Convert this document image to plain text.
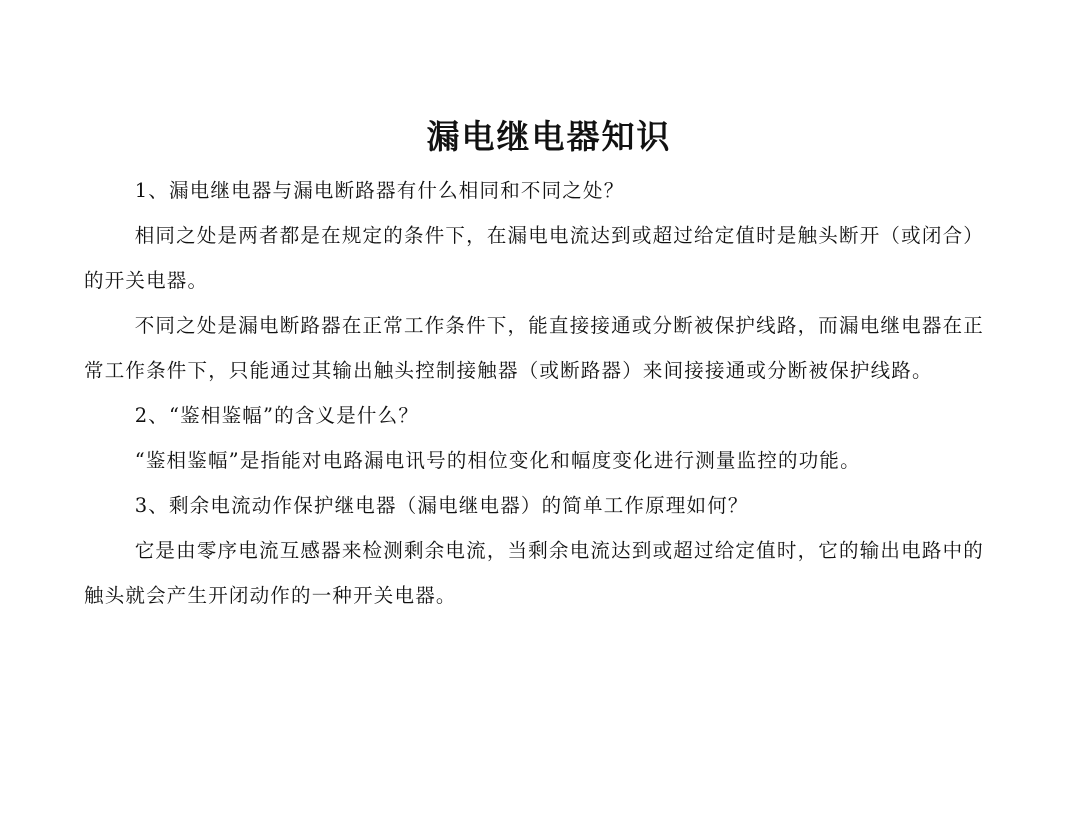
漏电继电器知识

1、漏电继电器与漏电断路器有什么相同和不同之处？

相同之处是两者都是在规定的条件下，在漏电电流达到或超过给定值时是触头断开（或闭合）的开关电器。

不同之处是漏电断路器在正常工作条件下，能直接接通或分断被保护线路，而漏电继电器在正常工作条件下，只能通过其输出触头控制接触器（或断路器）来间接接通或分断被保护线路。

2、“鉴相鉴幅”的含义是什么？

“鉴相鉴幅”是指能对电路漏电讯号的相位变化和幅度变化进行测量监控的功能。

3、剩余电流动作保护继电器（漏电继电器）的简单工作原理如何？

它是由零序电流互感器来检测剩余电流，当剩余电流达到或超过给定值时，它的输出电路中的触头就会产生开闭动作的一种开关电器。
